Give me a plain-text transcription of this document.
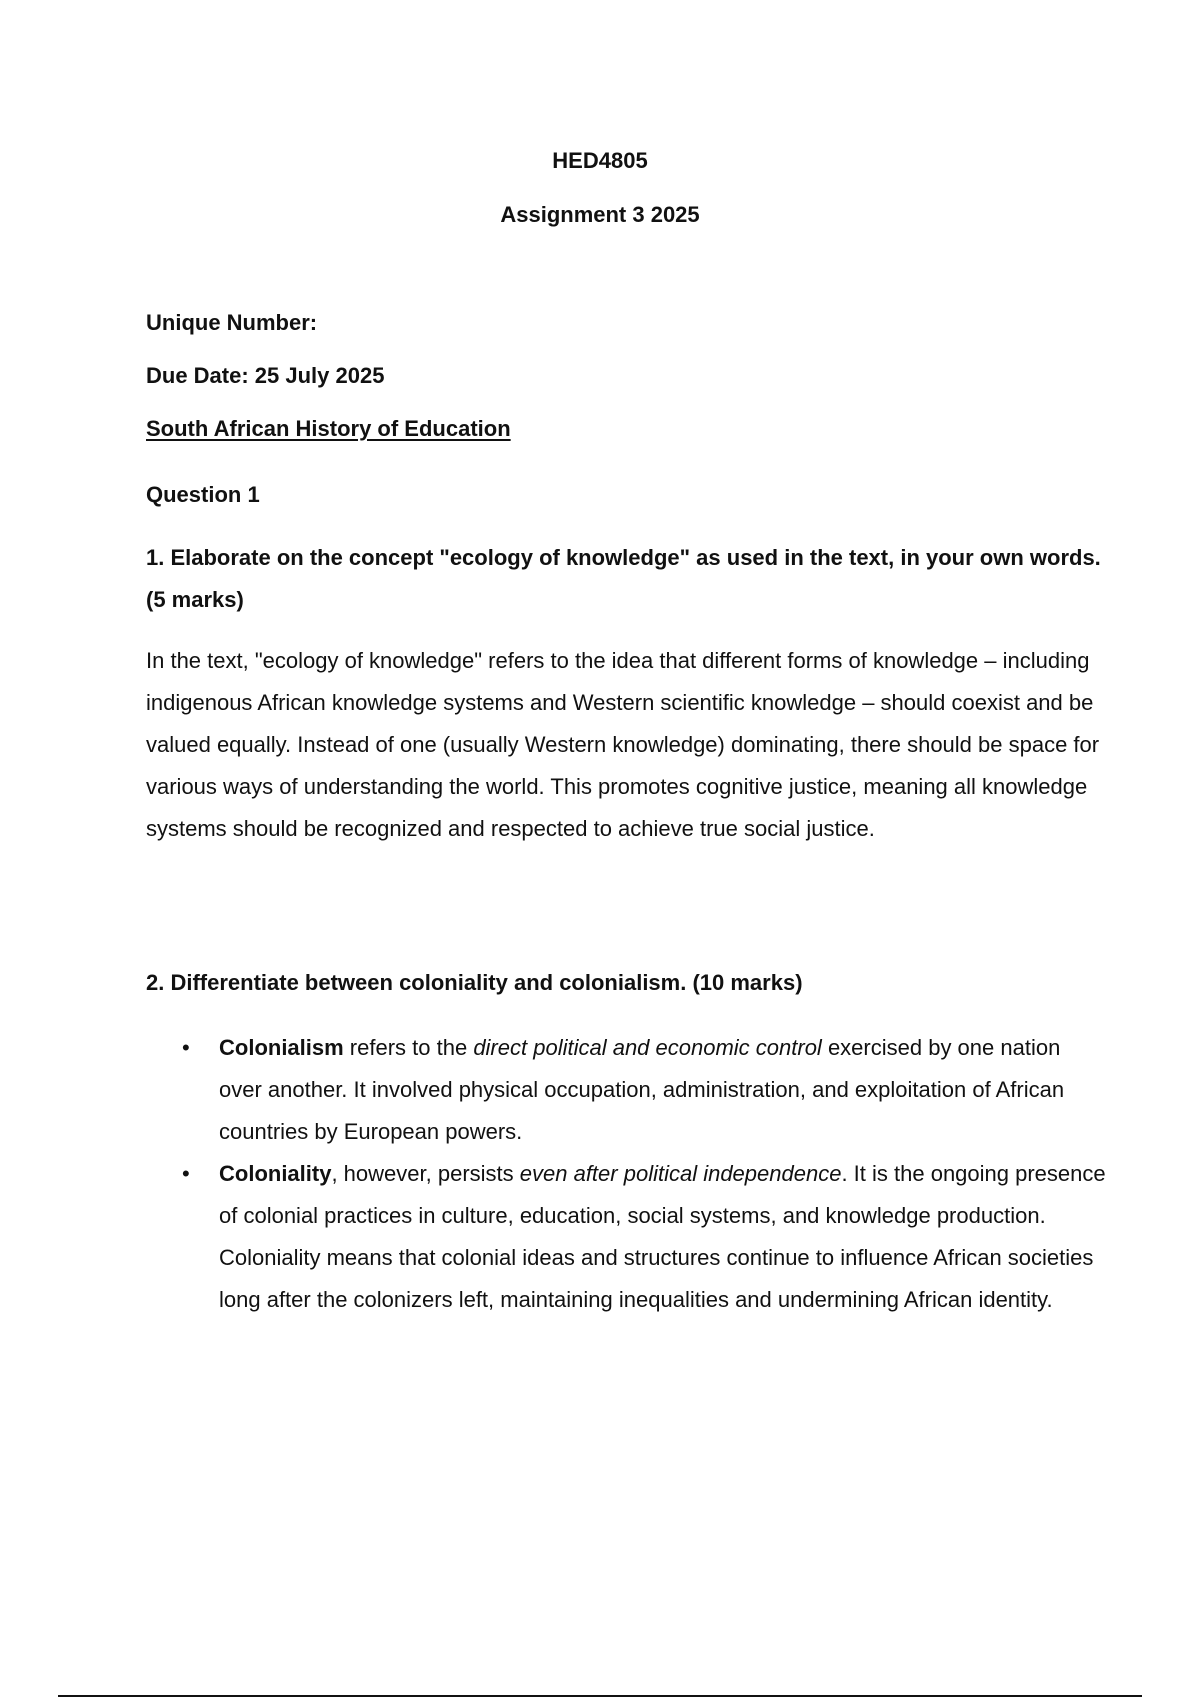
HED4805
Assignment 3 2025
Unique Number:
Due Date: 25 July 2025
South African History of Education
Question 1
1. Elaborate on the concept "ecology of knowledge" as used in the text, in your own words. (5 marks)
In the text, "ecology of knowledge" refers to the idea that different forms of knowledge – including indigenous African knowledge systems and Western scientific knowledge – should coexist and be valued equally. Instead of one (usually Western knowledge) dominating, there should be space for various ways of understanding the world. This promotes cognitive justice, meaning all knowledge systems should be recognized and respected to achieve true social justice.
2. Differentiate between coloniality and colonialism. (10 marks)
• Colonialism refers to the direct political and economic control exercised by one nation over another. It involved physical occupation, administration, and exploitation of African countries by European powers.
• Coloniality, however, persists even after political independence. It is the ongoing presence of colonial practices in culture, education, social systems, and knowledge production. Coloniality means that colonial ideas and structures continue to influence African societies long after the colonizers left, maintaining inequalities and undermining African identity.
